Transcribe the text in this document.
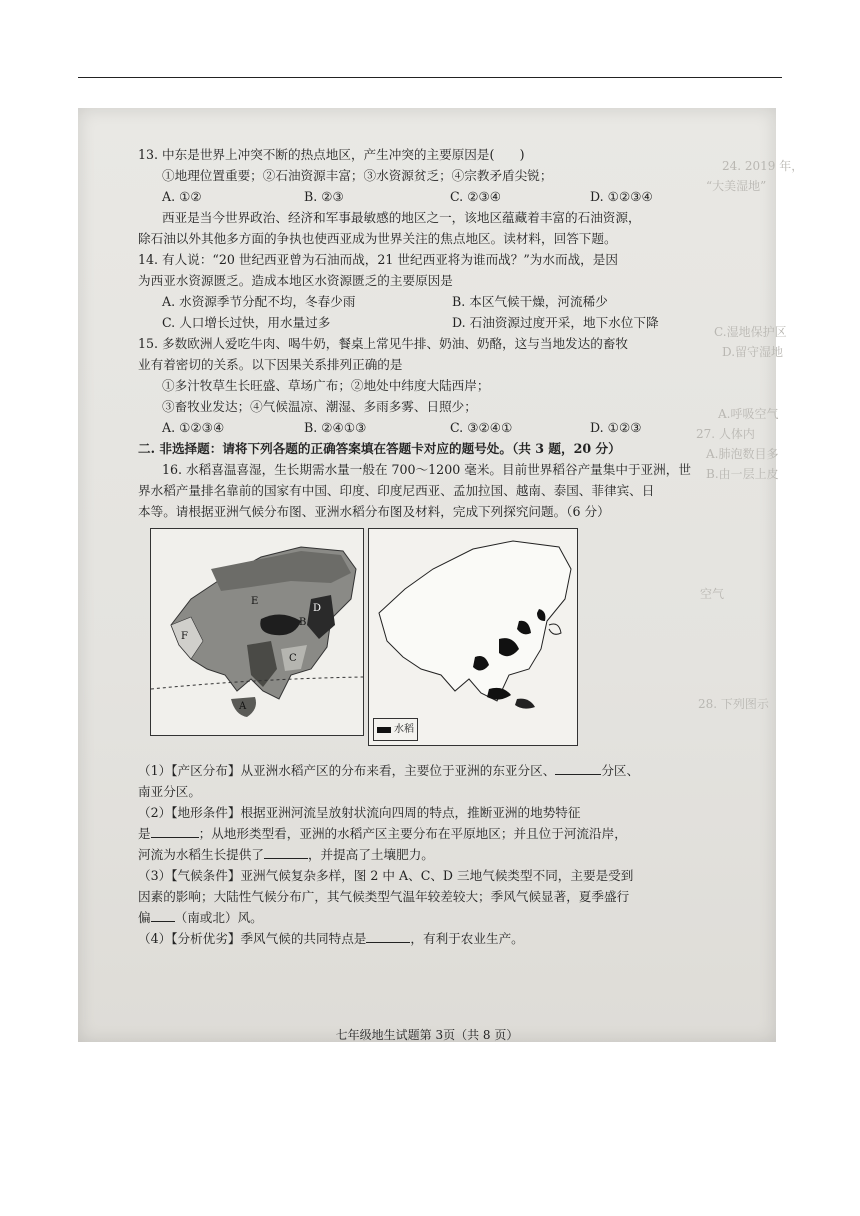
24. 2019 年，
“大美湿地”
C.湿地保护区
D.留守湿地
A.呼吸空气
27. 人体内
A.肺泡数目多
B.由一层上皮
28. 下列图示
空气
13. 中东是世界上冲突不断的热点地区，产生冲突的主要原因是(　　)
①地理位置重要；②石油资源丰富；③水资源贫乏；④宗教矛盾尖锐；
A. ①②	B. ②③	C. ②③④	D. ①②③④
西亚是当今世界政治、经济和军事最敏感的地区之一，该地区蕴藏着丰富的石油资源，
除石油以外其他多方面的争执也使西亚成为世界关注的焦点地区。读材料，回答下题。
14. 有人说：“20 世纪西亚曾为石油而战，21 世纪西亚将为谁而战？”为水而战，是因
为西亚水资源匮乏。造成本地区水资源匮乏的主要原因是
A. 水资源季节分配不均，冬春少雨	B. 本区气候干燥，河流稀少
C. 人口增长过快，用水量过多	D. 石油资源过度开采，地下水位下降
15. 多数欧洲人爱吃牛肉、喝牛奶，餐桌上常见牛排、奶油、奶酪，这与当地发达的畜牧
业有着密切的关系。以下因果关系排列正确的是
①多汁牧草生长旺盛、草场广布；②地处中纬度大陆西岸；
③畜牧业发达；④气候温凉、潮湿、多雨多雾、日照少；
A. ①②③④	B. ②④①③	C. ③②④①	D. ①②③
二. 非选择题：请将下列各题的正确答案填在答题卡对应的题号处。（共 3 题，20 分）
16. 水稻喜温喜湿，生长期需水量一般在 700～1200 毫米。目前世界稻谷产量集中于亚洲，世
界水稻产量排名靠前的国家有中国、印度、印度尼西亚、孟加拉国、越南、泰国、菲律宾、日
本等。请根据亚洲气候分布图、亚洲水稻分布图及材料，完成下列探究问题。（6 分）
E
D
F
B
C
A
水稻
（1）【产区分布】从亚洲水稻产区的分布来看，主要位于亚洲的东亚分区、	分区、
南亚分区。
（2）【地形条件】根据亚洲河流呈放射状流向四周的特点，推断亚洲的地势特征
是	；从地形类型看，亚洲的水稻产区主要分布在平原地区；并且位于河流沿岸，
河流为水稻生长提供了	，并提高了土壤肥力。
（3）【气候条件】亚洲气候复杂多样，图 2 中 A、C、D 三地气候类型不同，主要是受到
因素的影响；大陆性气候分布广，其气候类型气温年较差较大；季风气候显著，夏季盛行
偏 （南或北）风。
（4）【分析优劣】季风气候的共同特点是	，有利于农业生产。
七年级地生试题第 3页（共 8 页）
